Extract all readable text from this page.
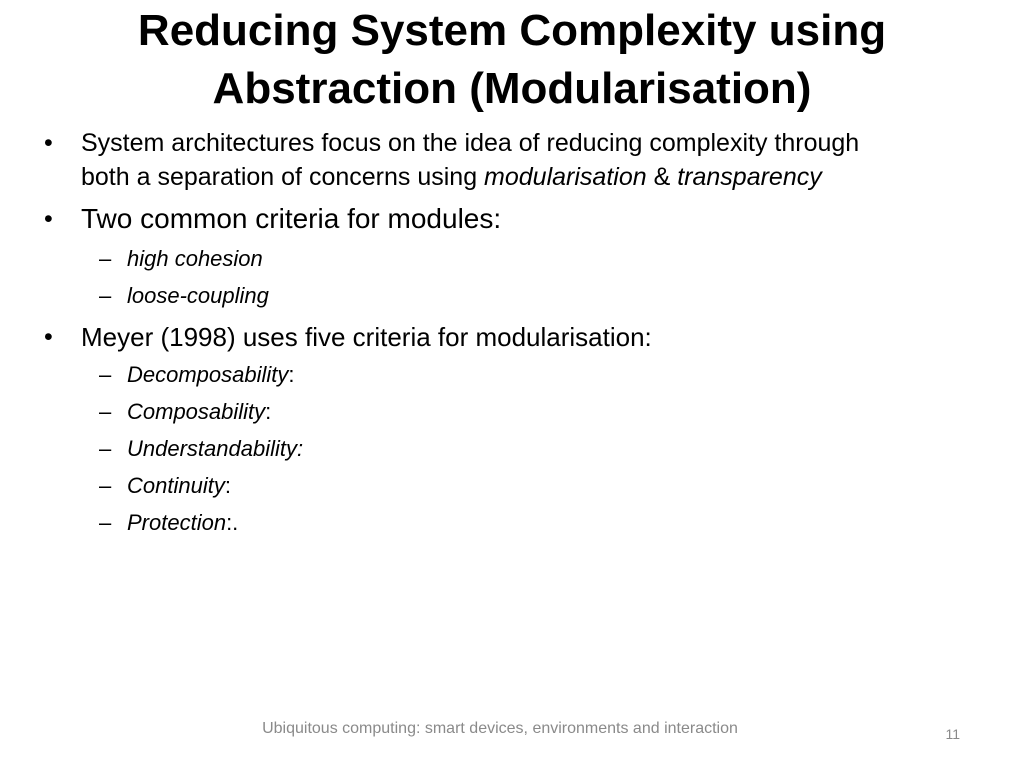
Reducing System Complexity using
Abstraction (Modularisation)
• System architectures focus on the idea of reducing complexity through
both a separation of concerns using modularisation & transparency
• Two common criteria for modules:
– high cohesion
– loose-coupling
• Meyer (1998) uses five criteria for modularisation:
– Decomposability:
– Composability:
– Understandability:
– Continuity:
– Protection:.
Ubiquitous computing: smart devices, environments and interaction	11
